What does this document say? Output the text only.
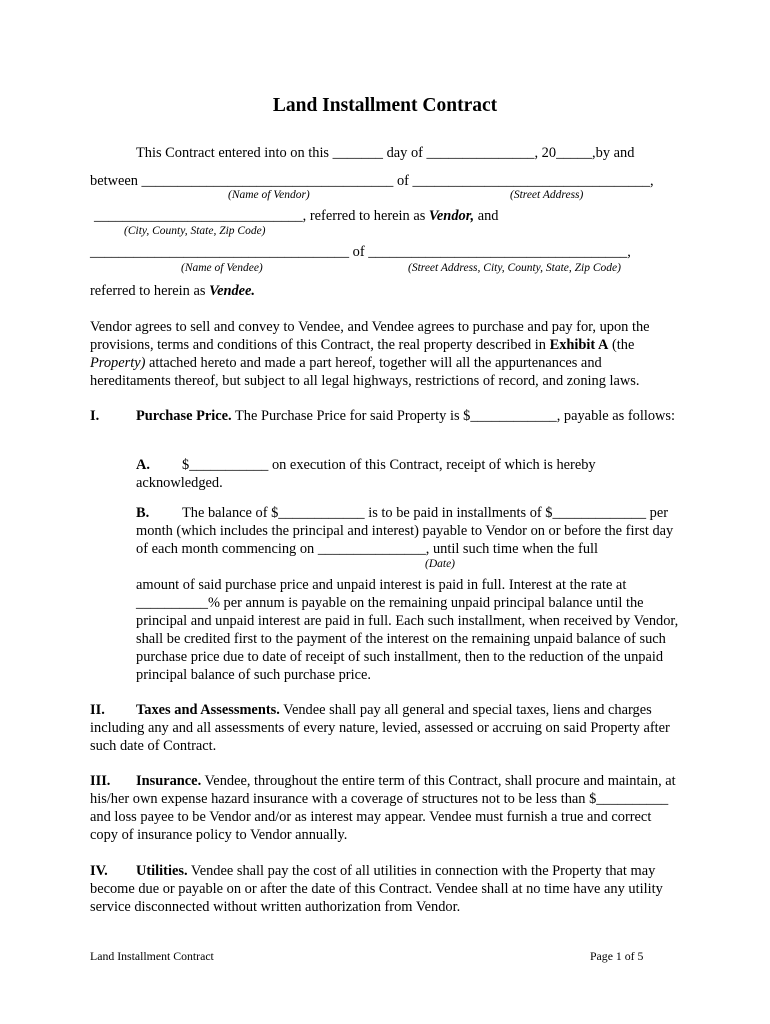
Land Installment Contract
This Contract entered into on this _______ day of _______________, 20_____,by and
between ___________________________________ of _________________________________,
(Name of Vendor)	(Street Address)
_____________________________, referred to herein as Vendor, and
(City, County, State, Zip Code)
____________________________________ of ____________________________________,
(Name of Vendee)	(Street Address, City, County, State, Zip Code)
referred to herein as Vendee.
Vendor agrees to sell and convey to Vendee, and Vendee agrees to purchase and pay for, upon the provisions, terms and conditions of this Contract, the real property described in Exhibit A (the Property) attached hereto and made a part hereof, together will all the appurtenances and hereditaments thereof, but subject to all legal highways, restrictions of record, and zoning laws.
I.	Purchase Price. The Purchase Price for said Property is $____________, payable as follows:
A. $___________ on execution of this Contract, receipt of which is hereby acknowledged.
B. The balance of $____________ is to be paid in installments of $_____________ per month (which includes the principal and interest) payable to Vendor on or before the first day of each month commencing on _______________, until such time when the full
(Date)
amount of said purchase price and unpaid interest is paid in full. Interest at the rate at __________% per annum is payable on the remaining unpaid principal balance until the principal and unpaid interest are paid in full. Each such installment, when received by Vendor, shall be credited first to the payment of the interest on the remaining unpaid balance of such purchase price due to date of receipt of such installment, then to the reduction of the unpaid principal balance of such purchase price.
II. Taxes and Assessments. Vendee shall pay all general and special taxes, liens and charges including any and all assessments of every nature, levied, assessed or accruing on said Property after such date of Contract.
III. Insurance. Vendee, throughout the entire term of this Contract, shall procure and maintain, at his/her own expense hazard insurance with a coverage of structures not to be less than $__________ and loss payee to be Vendor and/or as interest may appear. Vendee must furnish a true and correct copy of insurance policy to Vendor annually.
IV. Utilities. Vendee shall pay the cost of all utilities in connection with the Property that may become due or payable on or after the date of this Contract. Vendee shall at no time have any utility service disconnected without written authorization from Vendor.
Land Installment Contract	Page 1 of 5
